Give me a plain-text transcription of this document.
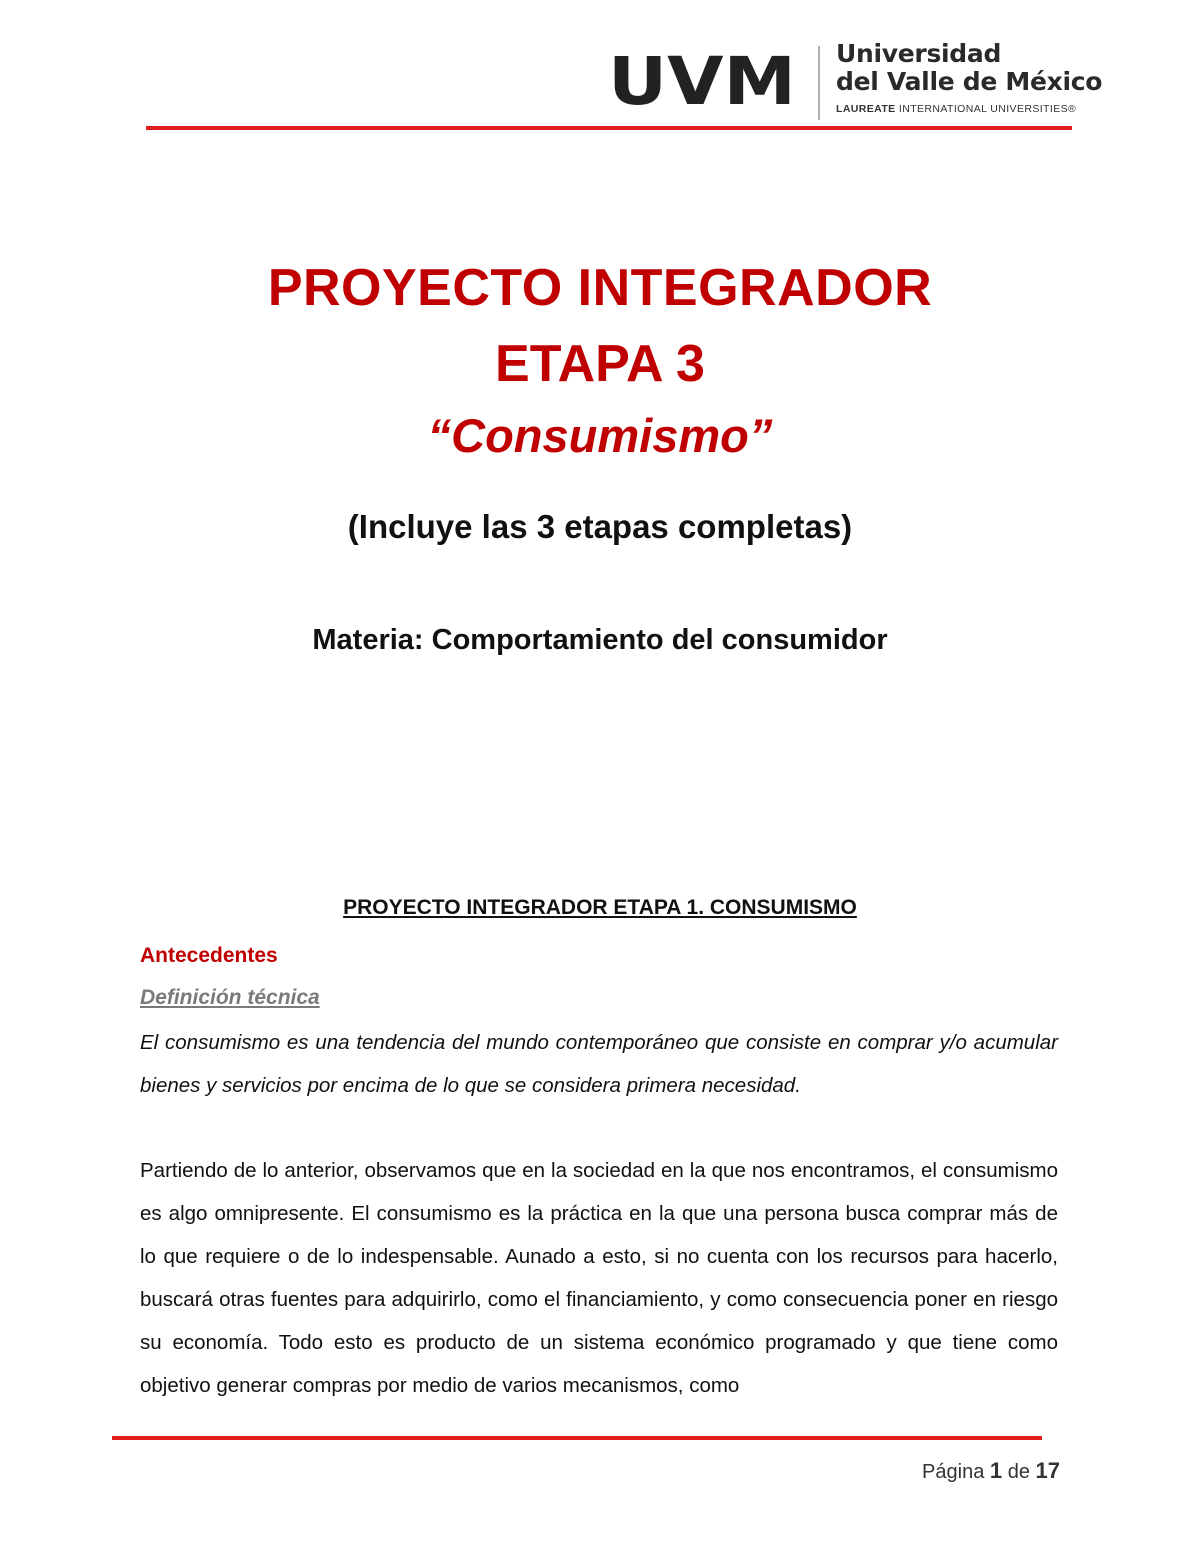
UVM Universidad
del Valle de México
LAUREATE INTERNATIONAL UNIVERSITIES®
PROYECTO INTEGRADOR
ETAPA 3
“Consumismo”
(Incluye las 3 etapas completas)
Materia: Comportamiento del consumidor
PROYECTO INTEGRADOR ETAPA 1. CONSUMISMO
Antecedentes
Definición técnica

El consumismo es una tendencia del mundo contemporáneo que consiste en comprar y/o acumular bienes y servicios por encima de lo que se considera primera necesidad.

Partiendo de lo anterior, observamos que en la sociedad en la que nos encontramos, el consumismo es algo omnipresente. El consumismo es la práctica en la que una persona busca comprar más de lo que requiere o de lo indespensable. Aunado a esto, si no cuenta con los recursos para hacerlo, buscará otras fuentes para adquirirlo, como el financiamiento, y como consecuencia poner en riesgo su economía. Todo esto es producto de un sistema económico programado y que tiene como objetivo generar compras por medio de varios mecanismos, como

Página 1 de 17
